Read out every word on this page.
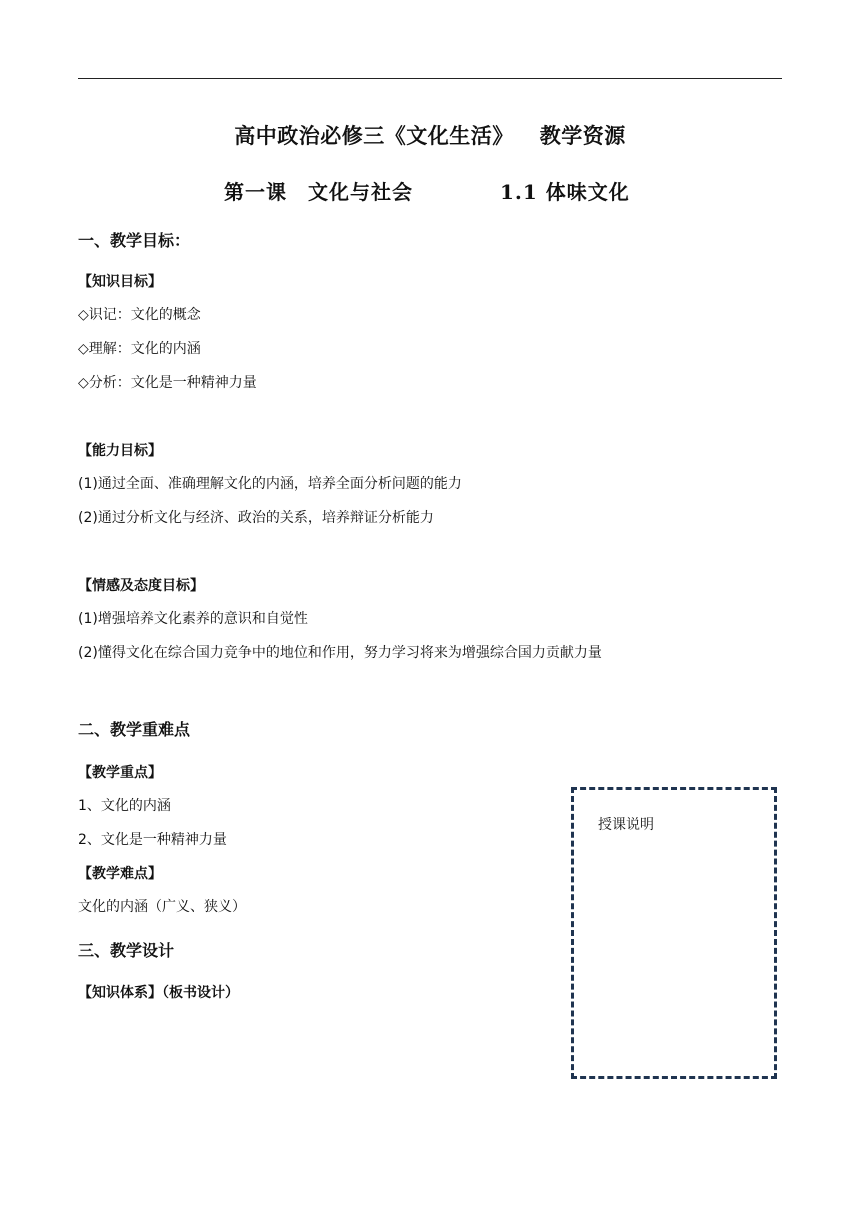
高中政治必修三《文化生活》 教学资源
第一课　文化与社会	1.1 体味文化
一、教学目标：
【知识目标】
◇识记：文化的概念
◇理解：文化的内涵
◇分析：文化是一种精神力量
【能力目标】
(1)通过全面、准确理解文化的内涵，培养全面分析问题的能力
(2)通过分析文化与经济、政治的关系，培养辩证分析能力
【情感及态度目标】
(1)增强培养文化素养的意识和自觉性
(2)懂得文化在综合国力竞争中的地位和作用，努力学习将来为增强综合国力贡献力量
二、教学重难点
【教学重点】
1、文化的内涵
2、文化是一种精神力量
【教学难点】
文化的内涵（广义、狭义）
三、教学设计
【知识体系】（板书设计）
授课说明
